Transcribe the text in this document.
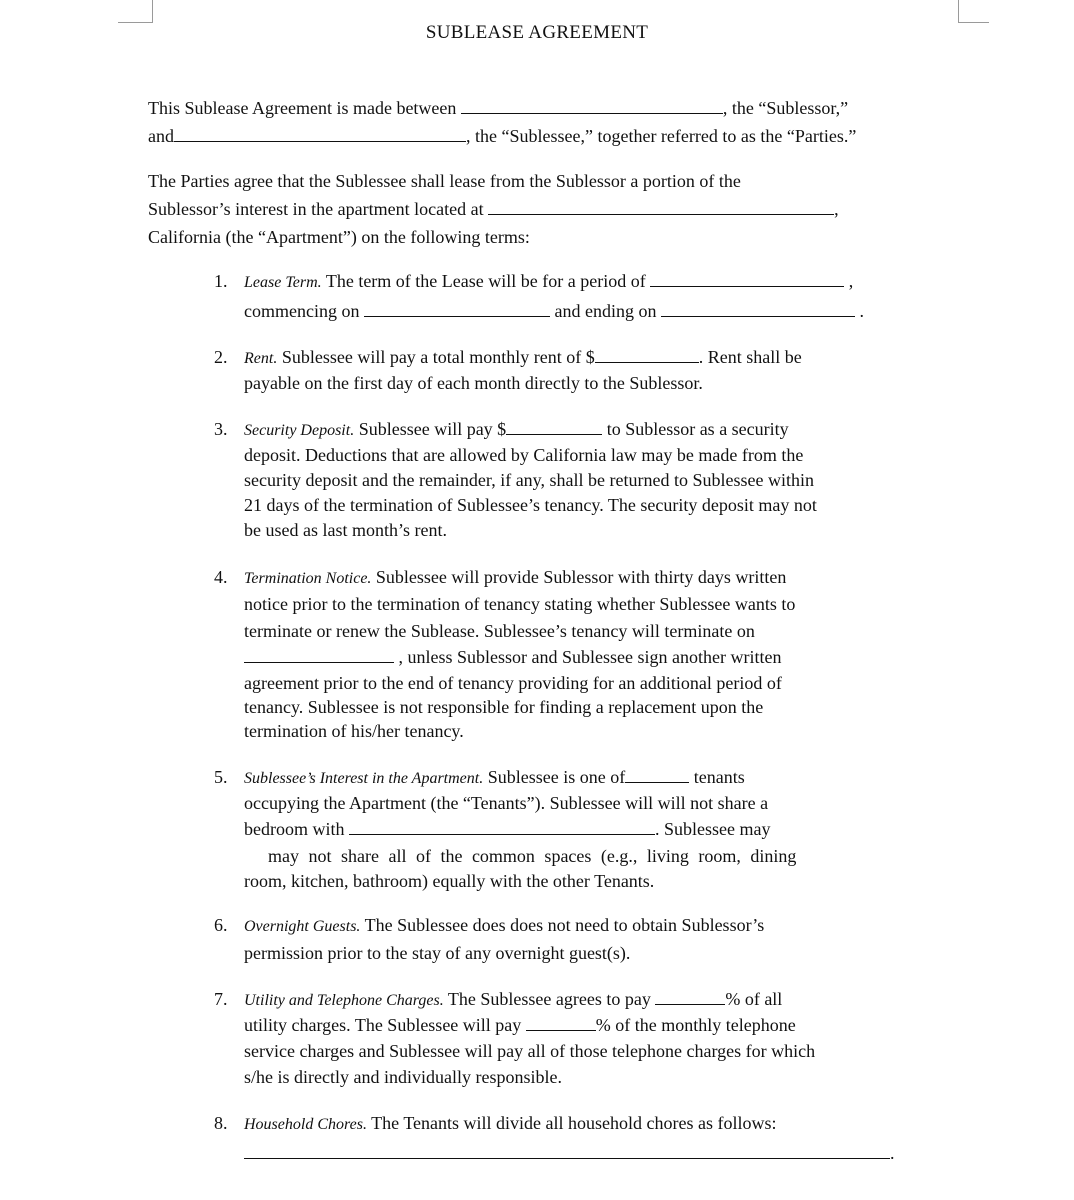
SUBLEASE AGREEMENT
This Sublease Agreement is made between	, the “Sublessor,”
and	, the “Sublessee,” together referred to as the “Parties.”
The Parties agree that the Sublessee shall lease from the Sublessor a portion of the
Sublessor’s interest in the apartment located at	,
California (the “Apartment”) on the following terms:
1. Lease Term. The term of the Lease will be for a period of	,
commencing on	and ending on	.
2. Rent. Sublessee will pay a total monthly rent of $	. Rent shall be
payable on the first day of each month directly to the Sublessor.
3. Security Deposit. Sublessee will pay $	to Sublessor as a security
deposit. Deductions that are allowed by California law may be made from the
security deposit and the remainder, if any, shall be returned to Sublessee within
21 days of the termination of Sublessee’s tenancy. The security deposit may not
be used as last month’s rent.
4. Termination Notice. Sublessee will provide Sublessor with thirty days written
notice prior to the termination of tenancy stating whether Sublessee wants to
terminate or renew the Sublease. Sublessee’s tenancy will terminate on
, unless Sublessor and Sublessee sign another written
agreement prior to the end of tenancy providing for an additional period of
tenancy. Sublessee is not responsible for finding a replacement upon the
termination of his/her tenancy.
5. Sublessee’s Interest in the Apartment. Sublessee is one of	tenants
occupying the Apartment (the “Tenants”). Sublessee will will not share a
bedroom with	. Sublessee may
may not share all of the common spaces (e.g., living room, dining
room, kitchen, bathroom) equally with the other Tenants.
6. Overnight Guests. The Sublessee does does not need to obtain Sublessor’s
permission prior to the stay of any overnight guest(s).
7. Utility and Telephone Charges. The Sublessee agrees to pay	% of all
utility charges. The Sublessee will pay	% of the monthly telephone
service charges and Sublessee will pay all of those telephone charges for which
s/he is directly and individually responsible.
8. Household Chores. The Tenants will divide all household chores as follows:
.
